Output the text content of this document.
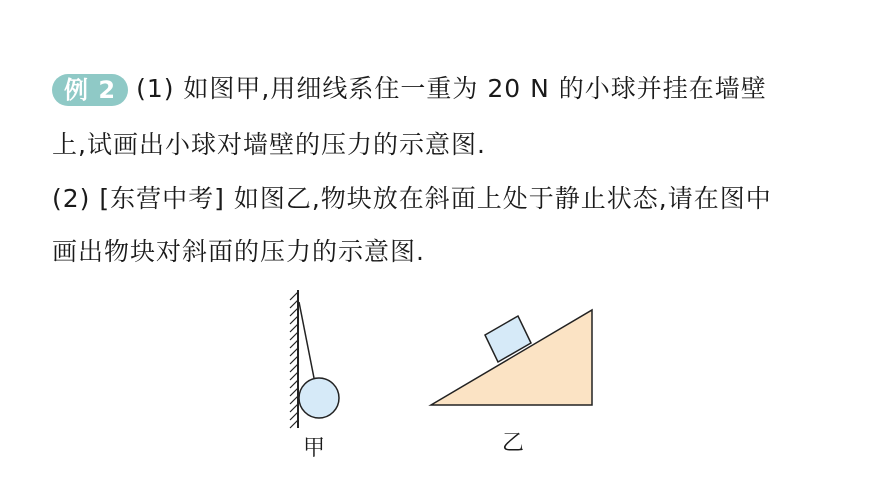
例 2 (1) 如图甲,用细线系住一重为 20 N 的小球并挂在墙壁
上,试画出小球对墙壁的压力的示意图.
(2) [东营中考] 如图乙,物块放在斜面上处于静止状态,请在图中
画出物块对斜面的压力的示意图.
甲	乙
